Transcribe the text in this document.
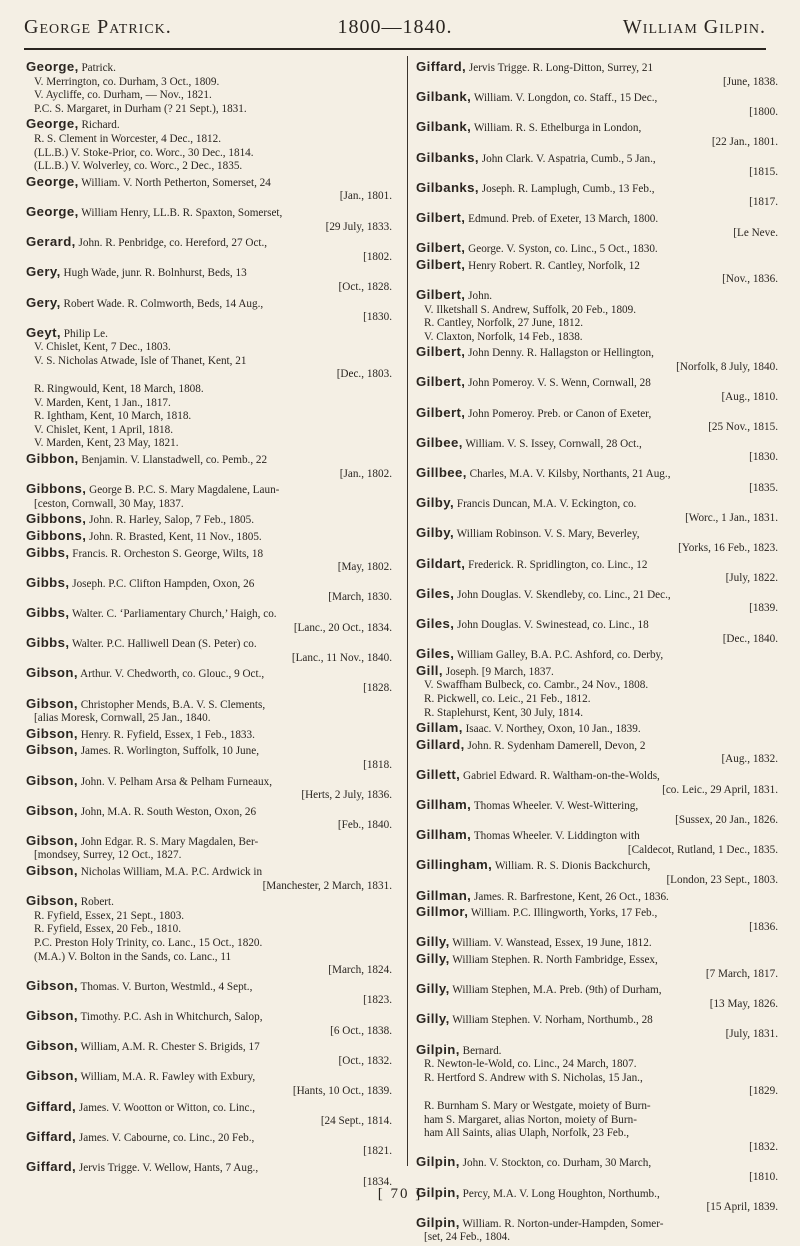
George Patrick.	1800—1840.	William Gilpin.
George, Patrick.
V. Merrington, co. Durham, 3 Oct., 1809.
V. Aycliffe, co. Durham, — Nov., 1821.
P.C. S. Margaret, in Durham (? 21 Sept.), 1831.
George, Richard.
R. S. Clement in Worcester, 4 Dec., 1812.
(LL.B.) V. Stoke-Prior, co. Worc., 30 Dec., 1814.
(LL.B.) V. Wolverley, co. Worc., 2 Dec., 1835.
George, William. V. North Petherton, Somerset, 24
[Jan., 1801.
George, William Henry, LL.B. R. Spaxton, Somerset,
[29 July, 1833.
Gerard, John. R. Penbridge, co. Hereford, 27 Oct.,
[1802.
Gery, Hugh Wade, junr. R. Bolnhurst, Beds, 13
[Oct., 1828.
Gery, Robert Wade. R. Colmworth, Beds, 14 Aug.,
[1830.
Geyt, Philip Le.
V. Chislet, Kent, 7 Dec., 1803.
V. S. Nicholas Atwade, Isle of Thanet, Kent, 21
[Dec., 1803.
R. Ringwould, Kent, 18 March, 1808.
V. Marden, Kent, 1 Jan., 1817.
R. Ightham, Kent, 10 March, 1818.
V. Chislet, Kent, 1 April, 1818.
V. Marden, Kent, 23 May, 1821.
Gibbon, Benjamin. V. Llanstadwell, co. Pemb., 22
[Jan., 1802.
Gibbons, George B. P.C. S. Mary Magdalene, Laun-
[ceston, Cornwall, 30 May, 1837.
Gibbons, John. R. Harley, Salop, 7 Feb., 1805.
Gibbons, John. R. Brasted, Kent, 11 Nov., 1805.
Gibbs, Francis. R. Orcheston S. George, Wilts, 18
[May, 1802.
Gibbs, Joseph. P.C. Clifton Hampden, Oxon, 26
[March, 1830.
Gibbs, Walter. C. ‘Parliamentary Church,’ Haigh, co.
[Lanc., 20 Oct., 1834.
Gibbs, Walter. P.C. Halliwell Dean (S. Peter) co.
[Lanc., 11 Nov., 1840.
Gibson, Arthur. V. Chedworth, co. Glouc., 9 Oct.,
[1828.
Gibson, Christopher Mends, B.A. V. S. Clements,
[alias Moresk, Cornwall, 25 Jan., 1840.
Gibson, Henry. R. Fyfield, Essex, 1 Feb., 1833.
Gibson, James. R. Worlington, Suffolk, 10 June,
[1818.
Gibson, John. V. Pelham Arsa & Pelham Furneaux,
[Herts, 2 July, 1836.
Gibson, John, M.A. R. South Weston, Oxon, 26
[Feb., 1840.
Gibson, John Edgar. R. S. Mary Magdalen, Ber-
[mondsey, Surrey, 12 Oct., 1827.
Gibson, Nicholas William, M.A. P.C. Ardwick in
[Manchester, 2 March, 1831.
Gibson, Robert.
R. Fyfield, Essex, 21 Sept., 1803.
R. Fyfield, Essex, 20 Feb., 1810.
P.C. Preston Holy Trinity, co. Lanc., 15 Oct., 1820.
(M.A.) V. Bolton in the Sands, co. Lanc., 11
[March, 1824.
Gibson, Thomas. V. Burton, Westmld., 4 Sept.,
[1823.
Gibson, Timothy. P.C. Ash in Whitchurch, Salop,
[6 Oct., 1838.
Gibson, William, A.M. R. Chester S. Brigids, 17
[Oct., 1832.
Gibson, William, M.A. R. Fawley with Exbury,
[Hants, 10 Oct., 1839.
Giffard, James. V. Wootton or Witton, co. Linc.,
[24 Sept., 1814.
Giffard, James. V. Cabourne, co. Linc., 20 Feb.,
[1821.
Giffard, Jervis Trigge. V. Wellow, Hants, 7 Aug.,
[1834.
Giffard, Jervis Trigge. R. Long-Ditton, Surrey, 21
[June, 1838.
Gilbank, William. V. Longdon, co. Staff., 15 Dec.,
[1800.
Gilbank, William. R. S. Ethelburga in London,
[22 Jan., 1801.
Gilbanks, John Clark. V. Aspatria, Cumb., 5 Jan.,
[1815.
Gilbanks, Joseph. R. Lamplugh, Cumb., 13 Feb.,
[1817.
Gilbert, Edmund. Preb. of Exeter, 13 March, 1800.
[Le Neve.
Gilbert, George. V. Syston, co. Linc., 5 Oct., 1830.
Gilbert, Henry Robert. R. Cantley, Norfolk, 12
[Nov., 1836.
Gilbert, John.
V. Ilketshall S. Andrew, Suffolk, 20 Feb., 1809.
R. Cantley, Norfolk, 27 June, 1812.
V. Claxton, Norfolk, 14 Feb., 1838.
Gilbert, John Denny. R. Hallagston or Hellington,
[Norfolk, 8 July, 1840.
Gilbert, John Pomeroy. V. S. Wenn, Cornwall, 28
[Aug., 1810.
Gilbert, John Pomeroy. Preb. or Canon of Exeter,
[25 Nov., 1815.
Gilbee, William. V. S. Issey, Cornwall, 28 Oct.,
[1830.
Gillbee, Charles, M.A. V. Kilsby, Northants, 21 Aug.,
[1835.
Gilby, Francis Duncan, M.A. V. Eckington, co.
[Worc., 1 Jan., 1831.
Gilby, William Robinson. V. S. Mary, Beverley,
[Yorks, 16 Feb., 1823.
Gildart, Frederick. R. Spridlington, co. Linc., 12
[July, 1822.
Giles, John Douglas. V. Skendleby, co. Linc., 21 Dec.,
[1839.
Giles, John Douglas. V. Swinestead, co. Linc., 18
[Dec., 1840.
Giles, William Galley, B.A. P.C. Ashford, co. Derby,
Gill, Joseph. [9 March, 1837.
V. Swaffham Bulbeck, co. Cambr., 24 Nov., 1808.
R. Pickwell, co. Leic., 21 Feb., 1812.
R. Staplehurst, Kent, 30 July, 1814.
Gillam, Isaac. V. Northey, Oxon, 10 Jan., 1839.
Gillard, John. R. Sydenham Damerell, Devon, 2
[Aug., 1832.
Gillett, Gabriel Edward. R. Waltham-on-the-Wolds,
[co. Leic., 29 April, 1831.
Gillham, Thomas Wheeler. V. West-Wittering,
[Sussex, 20 Jan., 1826.
Gillham, Thomas Wheeler. V. Liddington with
[Caldecot, Rutland, 1 Dec., 1835.
Gillingham, William. R. S. Dionis Backchurch,
[London, 23 Sept., 1803.
Gillman, James. R. Barfrestone, Kent, 26 Oct., 1836.
Gillmor, William. P.C. Illingworth, Yorks, 17 Feb.,
[1836.
Gilly, William. V. Wanstead, Essex, 19 June, 1812.
Gilly, William Stephen. R. North Fambridge, Essex,
[7 March, 1817.
Gilly, William Stephen, M.A. Preb. (9th) of Durham,
[13 May, 1826.
Gilly, William Stephen. V. Norham, Northumb., 28
[July, 1831.
Gilpin, Bernard.
R. Newton-le-Wold, co. Linc., 24 March, 1807.
R. Hertford S. Andrew with S. Nicholas, 15 Jan.,
[1829.
R. Burnham S. Mary or Westgate, moiety of Burn-
ham S. Margaret, alias Norton, moiety of Burn-
ham All Saints, alias Ulaph, Norfolk, 23 Feb.,
[1832.
Gilpin, John. V. Stockton, co. Durham, 30 March,
[1810.
Gilpin, Percy, M.A. V. Long Houghton, Northumb.,
[15 April, 1839.
Gilpin, William. R. Norton-under-Hampden, Somer-
[set, 24 Feb., 1804.
[ 70 ]
